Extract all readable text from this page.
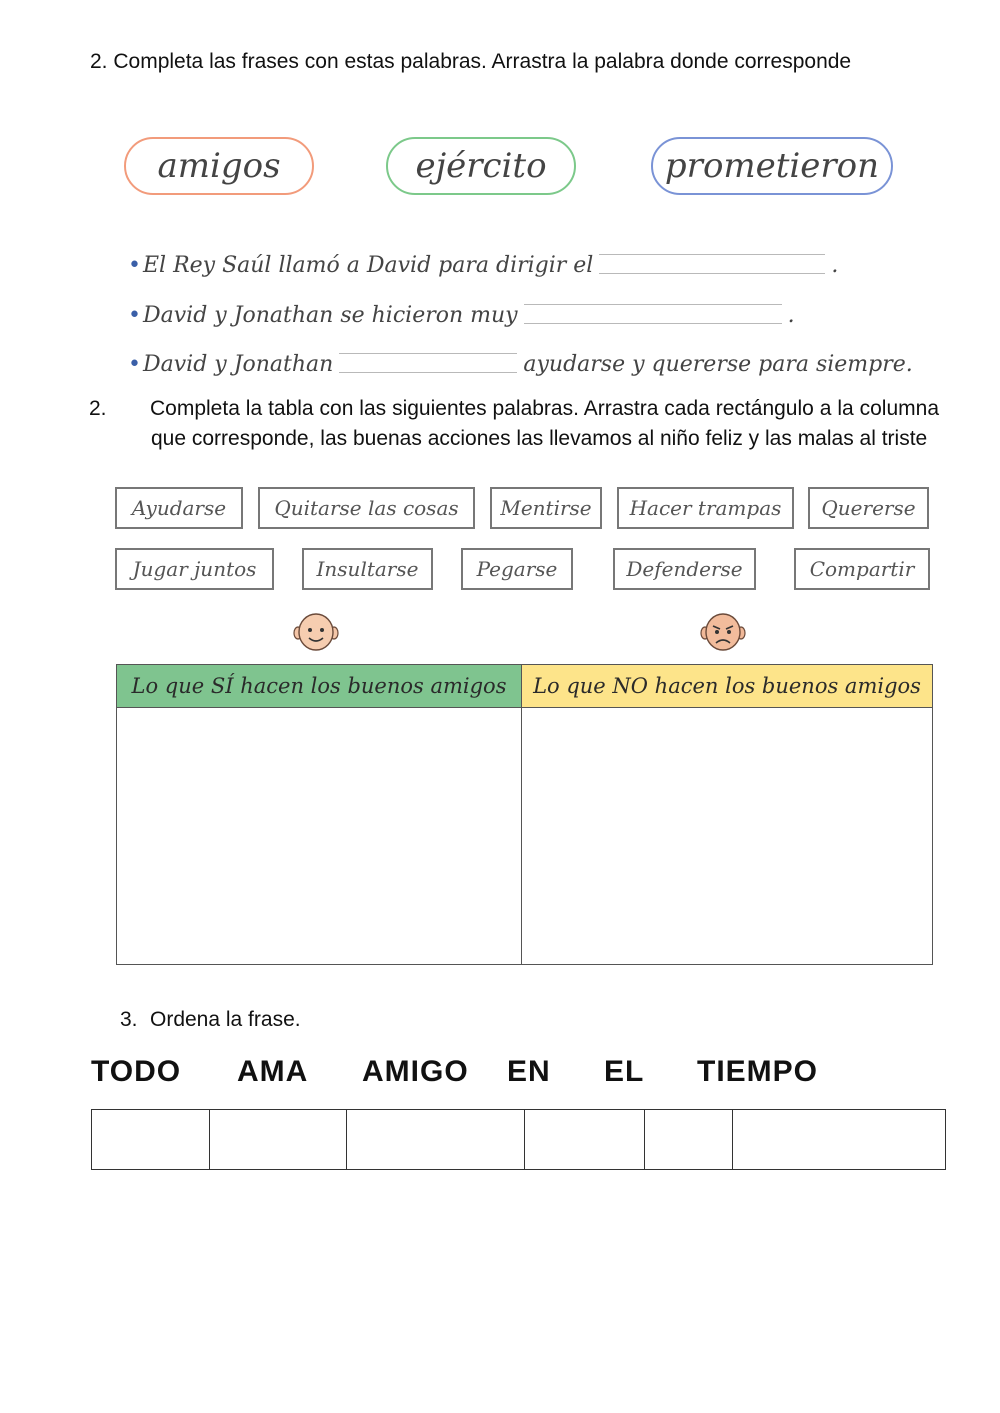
2. Completa las frases con estas palabras. Arrastra la palabra donde corresponde
amigos	ejército	prometieron
• El Rey Saúl llamó a David para dirigir el	.
• David y Jonathan se hicieron muy	.
• David y Jonathan	ayudarse y quererse para siempre.
2. Completa la tabla con las siguientes palabras. Arrastra cada rectángulo a la columna que corresponde, las buenas acciones las llevamos al niño feliz y las malas al triste
Ayudarse Quitarse las cosas Mentirse Hacer trampas Quererse
Jugar juntos	Insultarse	Pegarse	Defenderse	Compartir
Lo que SÍ hacen los buenos amigos Lo que NO hacen los buenos amigos
3. Ordena la frase.
TODO AMA AMIGO EN EL TIEMPO
